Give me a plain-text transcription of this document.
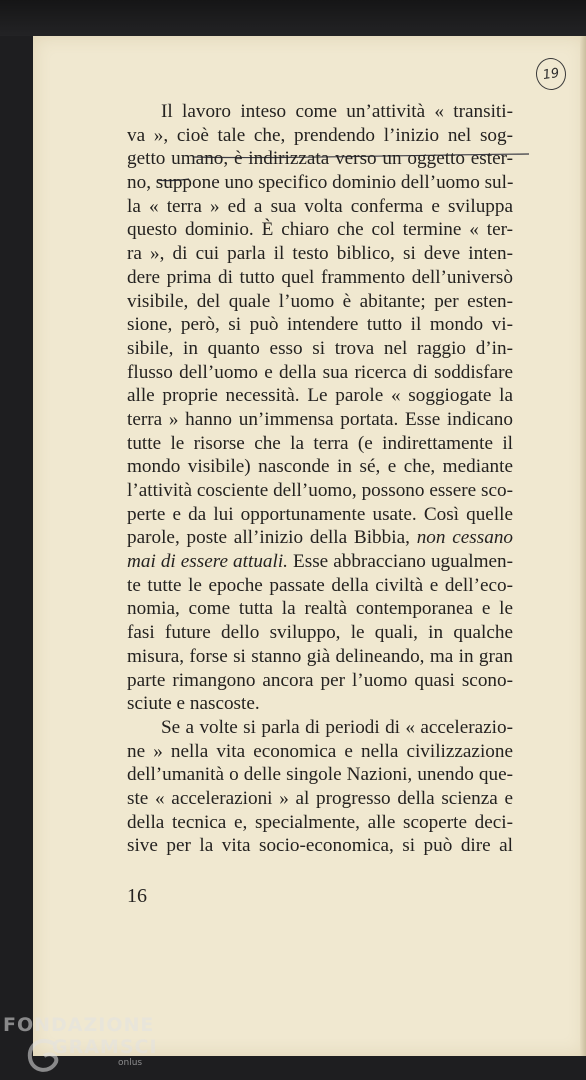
19
Il lavoro inteso come un’attività « transiti-
va », cioè tale che, prendendo l’inizio nel sog-
getto umano, è indirizzata verso un oggetto ester-
no, suppone uno specifico dominio dell’uomo sul-
la « terra » ed a sua volta conferma e sviluppa
questo dominio. È chiaro che col termine « ter-
ra », di cui parla il testo biblico, si deve inten-
dere prima di tutto quel frammento dell’universò
visibile, del quale l’uomo è abitante; per esten-
sione, però, si può intendere tutto il mondo vi-
sibile, in quanto esso si trova nel raggio d’in-
flusso dell’uomo e della sua ricerca di soddisfare
alle proprie necessità. Le parole « soggiogate la
terra » hanno un’immensa portata. Esse indicano
tutte le risorse che la terra (e indirettamente il
mondo visibile) nasconde in sé, e che, mediante
l’attività cosciente dell’uomo, possono essere sco-
perte e da lui opportunamente usate. Così quelle
parole, poste all’inizio della Bibbia, non cessano
mai di essere attuali. Esse abbracciano ugualmen-
te tutte le epoche passate della civiltà e dell’eco-
nomia, come tutta la realtà contemporanea e le
fasi future dello sviluppo, le quali, in qualche
misura, forse si stanno già delineando, ma in gran
parte rimangono ancora per l’uomo quasi scono-
sciute e nascoste.
Se a volte si parla di periodi di « accelerazio-
ne » nella vita economica e nella civilizzazione
dell’umanità o delle singole Nazioni, unendo que-
ste « accelerazioni » al progresso della scienza e
della tecnica e, specialmente, alle scoperte deci-
sive per la vita socio-economica, si può dire al
16
FONDAZIONE
GRAMSCI
onlus
